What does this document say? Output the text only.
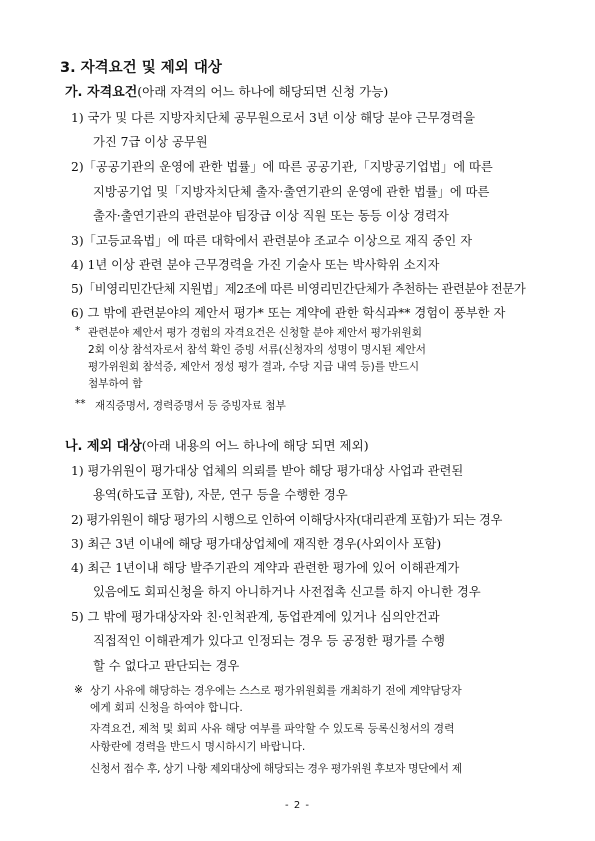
3. 자격요건 및 제외 대상
가. 자격요건(아래 자격의 어느 하나에 해당되면 신청 가능)
1) 국가 및 다른 지방자치단체 공무원으로서 3년 이상 해당 분야 근무경력을
가진 7급 이상 공무원
2)「공공기관의 운영에 관한 법률」에 따른 공공기관,「지방공기업법」에 따른
지방공기업 및「지방자치단체 출자·출연기관의 운영에 관한 법률」에 따른
출자·출연기관의 관련분야 팀장급 이상 직원 또는 동등 이상 경력자
3)「고등교육법」에 따른 대학에서 관련분야 조교수 이상으로 재직 중인 자
4) 1년 이상 관련 분야 근무경력을 가진 기술사 또는 박사학위 소지자
5)「비영리민간단체 지원법」제2조에 따른 비영리민간단체가 추천하는 관련분야 전문가
6) 그 밖에 관련분야의 제안서 평가* 또는 계약에 관한 학식과** 경험이 풍부한 자
* 관련분야 제안서 평가 경험의 자격요건은 신청할 분야 제안서 평가위원회
2회 이상 참석자로서 참석 확인 증빙 서류(신청자의 성명이 명시된 제안서
평가위원회 참석증, 제안서 정성 평가 결과, 수당 지급 내역 등)를 반드시
첨부하여 함
** 재직증명서, 경력증명서 등 증빙자료 첨부
나. 제외 대상(아래 내용의 어느 하나에 해당 되면 제외)
1) 평가위원이 평가대상 업체의 의뢰를 받아 해당 평가대상 사업과 관련된
용역(하도급 포함), 자문, 연구 등을 수행한 경우
2) 평가위원이 해당 평가의 시행으로 인하여 이해당사자(대리관계 포함)가 되는 경우
3) 최근 3년 이내에 해당 평가대상업체에 재직한 경우(사외이사 포함)
4) 최근 1년이내 해당 발주기관의 계약과 관련한 평가에 있어 이해관계가
있음에도 회피신청을 하지 아니하거나 사전접촉 신고를 하지 아니한 경우
5) 그 밖에 평가대상자와 친·인척관계, 동업관계에 있거나 심의안건과
직접적인 이해관계가 있다고 인정되는 경우 등 공정한 평가를 수행
할 수 없다고 판단되는 경우
※ 상기 사유에 해당하는 경우에는 스스로 평가위원회를 개최하기 전에 계약담당자
에게 회피 신청을 하여야 합니다.
자격요건, 제척 및 회피 사유 해당 여부를 파악할 수 있도록 등록신청서의 경력
사항란에 경력을 반드시 명시하시기 바랍니다.
신청서 접수 후, 상기 나항 제외대상에 해당되는 경우 평가위원 후보자 명단에서 제
- 2 -
